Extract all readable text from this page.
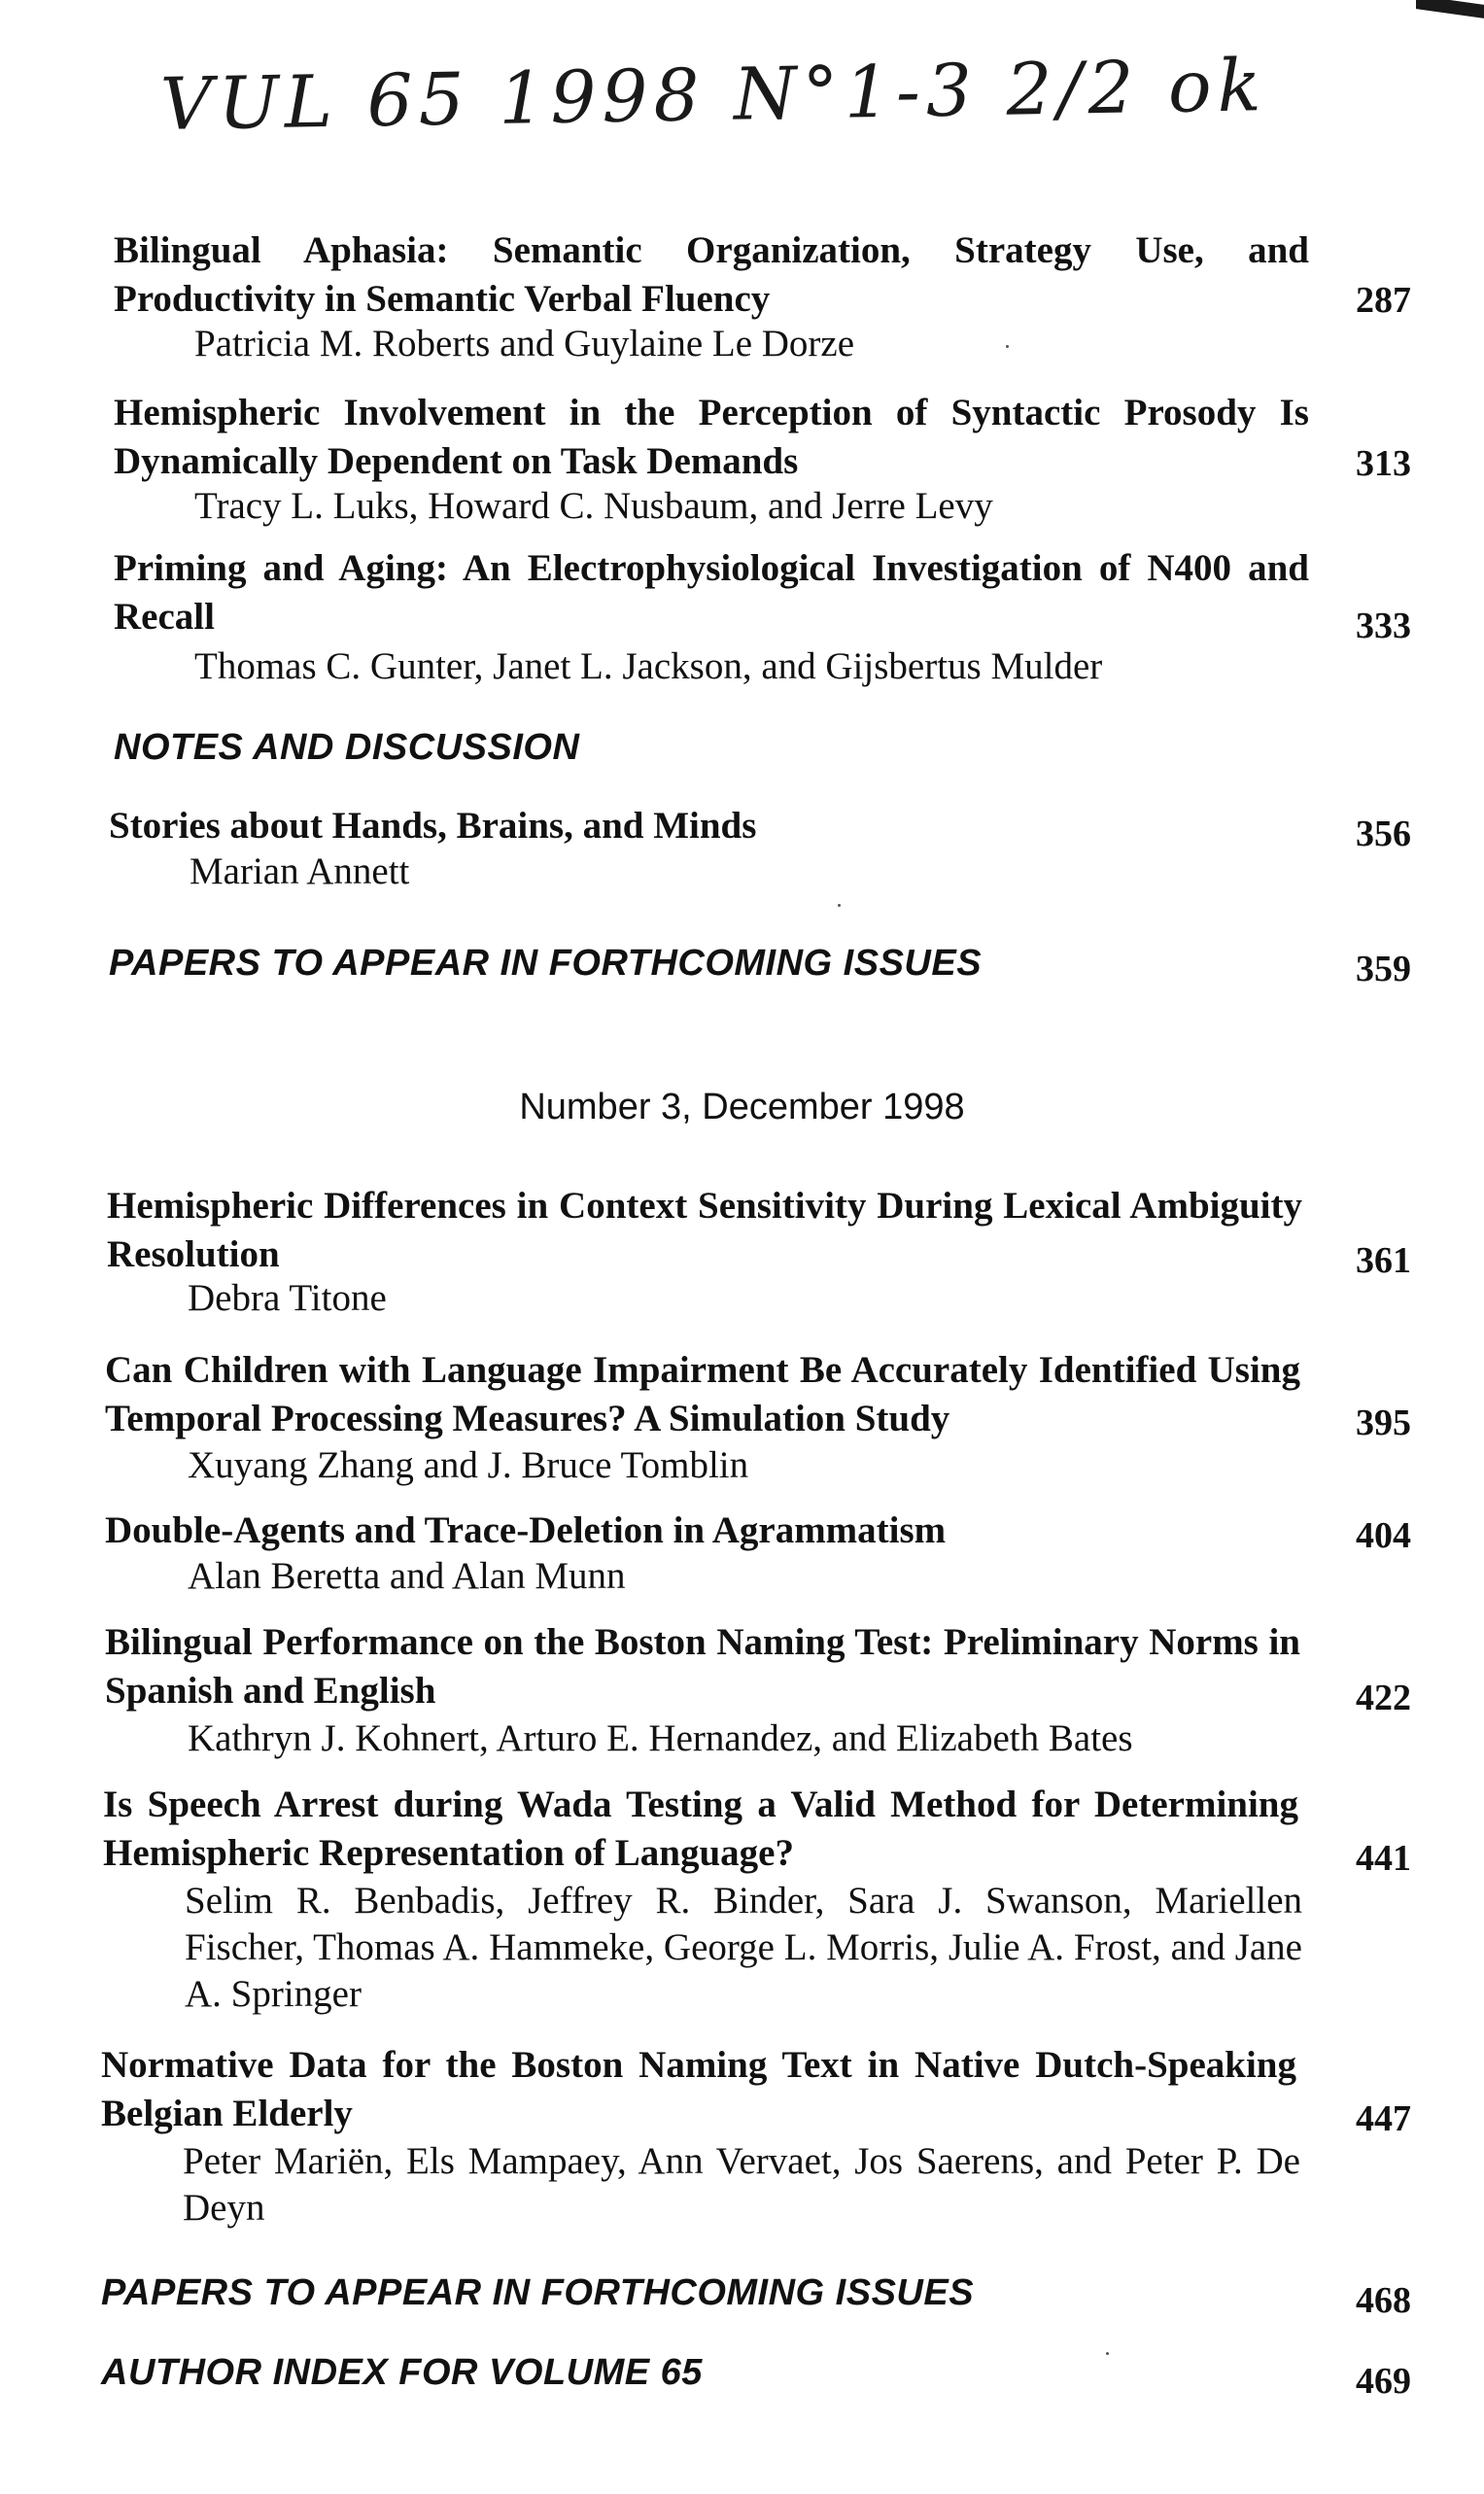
VUL 65 1998 N°1-3 2/2 ok
Bilingual Aphasia: Semantic Organization, Strategy Use, and Productivity in Semantic Verbal Fluency	287
Patricia M. Roberts and Guylaine Le Dorze
Hemispheric Involvement in the Perception of Syntactic Prosody Is Dynamically Dependent on Task Demands	313
Tracy L. Luks, Howard C. Nusbaum, and Jerre Levy
Priming and Aging: An Electrophysiological Investigation of N400 and Recall	333
Thomas C. Gunter, Janet L. Jackson, and Gijsbertus Mulder
NOTES AND DISCUSSION
Stories about Hands, Brains, and Minds	356
Marian Annett
PAPERS TO APPEAR IN FORTHCOMING ISSUES	359
Number 3, December 1998
Hemispheric Differences in Context Sensitivity During Lexical Ambiguity Resolution	361
Debra Titone
Can Children with Language Impairment Be Accurately Identified Using Temporal Processing Measures? A Simulation Study	395
Xuyang Zhang and J. Bruce Tomblin
Double-Agents and Trace-Deletion in Agrammatism	404
Alan Beretta and Alan Munn
Bilingual Performance on the Boston Naming Test: Preliminary Norms in Spanish and English	422
Kathryn J. Kohnert, Arturo E. Hernandez, and Elizabeth Bates
Is Speech Arrest during Wada Testing a Valid Method for Determining Hemispheric Representation of Language?	441
Selim R. Benbadis, Jeffrey R. Binder, Sara J. Swanson, Mariellen Fischer, Thomas A. Hammeke, George L. Morris, Julie A. Frost, and Jane A. Springer
Normative Data for the Boston Naming Text in Native Dutch-Speaking Belgian Elderly	447
Peter Mariën, Els Mampaey, Ann Vervaet, Jos Saerens, and Peter P. De Deyn
PAPERS TO APPEAR IN FORTHCOMING ISSUES	468
AUTHOR INDEX FOR VOLUME 65	469
